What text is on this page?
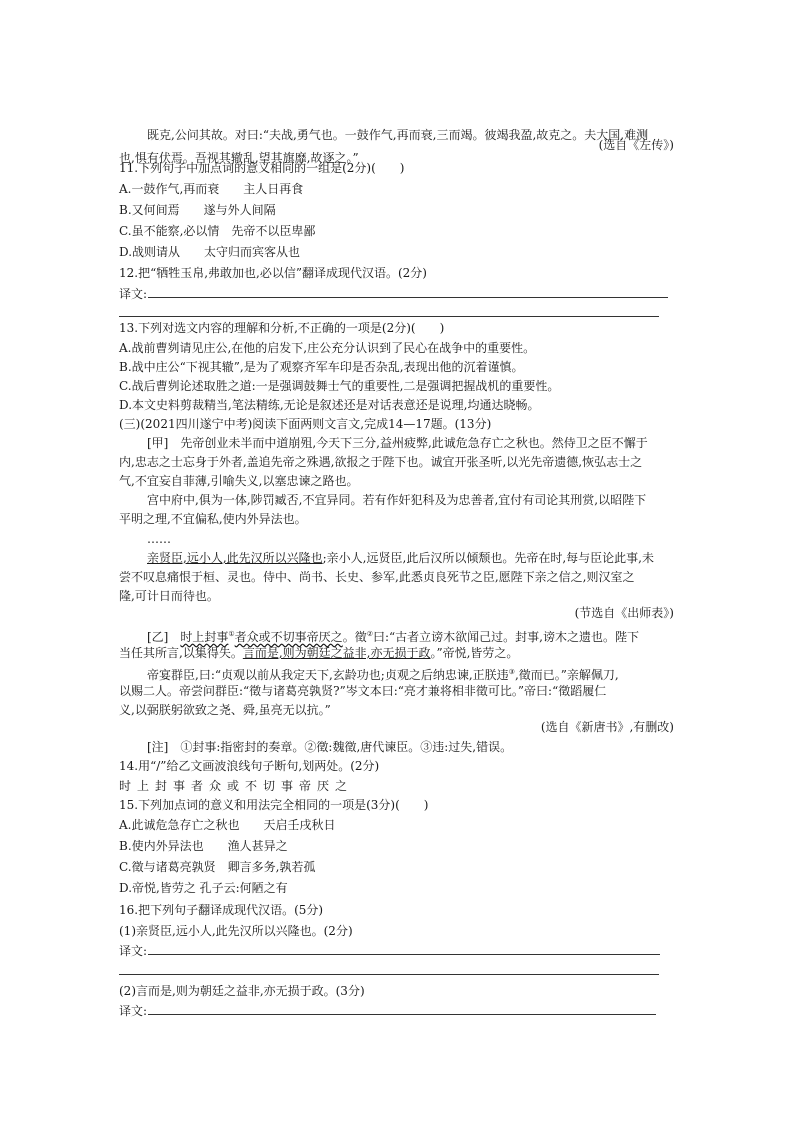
既克,公问其故。对曰:“夫战,勇气也。一鼓作气,再而衰,三而竭。彼竭我盈,故克之。夫大国,难测
也,惧有伏焉。吾视其辙乱,望其旗靡,故逐之。”
(选自《左传》)
11.下列句子中加点词的意义相同的一组是(2分)(　　)
A.一鼓作气,再而衰　　主人日再食
B.又何间焉　　遂与外人间隔
C.虽不能察,必以情　先帝不以臣卑鄙
D.战则请从　　太守归而宾客从也
12.把“牺牲玉帛,弗敢加也,必以信”翻译成现代汉语。(2分)
译文:
13.下列对选文内容的理解和分析,不正确的一项是(2分)(　　)
A.战前曹刿请见庄公,在他的启发下,庄公充分认识到了民心在战争中的重要性。
B.战中庄公“下视其辙”,是为了观察齐军车印是否杂乱,表现出他的沉着谨慎。
C.战后曹刿论述取胜之道:一是强调鼓舞士气的重要性,二是强调把握战机的重要性。
D.本文史料剪裁精当,笔法精练,无论是叙述还是对话表意还是说理,均通达晓畅。
(三)(2021四川遂宁中考)阅读下面两则文言文,完成14—17题。(13分)
[甲]　先帝创业未半而中道崩殂,今天下三分,益州疲弊,此诚危急存亡之秋也。然侍卫之臣不懈于
内,忠志之士忘身于外者,盖追先帝之殊遇,欲报之于陛下也。诚宜开张圣听,以光先帝遗德,恢弘志士之
气,不宜妄自菲薄,引喻失义,以塞忠谏之路也。
宫中府中,俱为一体,陟罚臧否,不宜异同。若有作奸犯科及为忠善者,宜付有司论其刑赏,以昭陛下
平明之理,不宜偏私,使内外异法也。
……
亲贤臣,远小人,此先汉所以兴隆也;亲小人,远贤臣,此后汉所以倾颓也。先帝在时,每与臣论此事,未
尝不叹息痛恨于桓、灵也。侍中、尚书、长史、参军,此悉贞良死节之臣,愿陛下亲之信之,则汉室之
隆,可计日而待也。
(节选自《出师表》)
[乙]　时上封事①者众或不切事帝厌之。徵②曰:“古者立谤木欲闻己过。封事,谤木之遗也。陛下
当任其所言,以集得失。言而是,则为朝廷之益非,亦无损于政。”帝悦,皆劳之。
帝宴群臣,曰:“贞观以前从我定天下,玄龄功也;贞观之后纳忠谏,正朕违③,徵而已。”亲解佩刀,
以赐二人。帝尝问群臣:“徵与诸葛亮孰贤?”岑文本曰:“亮才兼将相非徵可比。”帝曰:“徵蹈履仁
义,以弼朕躬欲致之尧、舜,虽亮无以抗。”
(选自《新唐书》,有删改)
[注]　①封事:指密封的奏章。②徵:魏徵,唐代谏臣。③违:过失,错误。
14.用“/”给乙文画波浪线句子断句,划两处。(2分)
时上封事者众或不切事帝厌之
15.下列加点词的意义和用法完全相同的一项是(3分)(　　)
A.此诚危急存亡之秋也　　天启壬戌秋日
B.使内外异法也　　渔人甚异之
C.徵与诸葛亮孰贤　卿言多务,孰若孤
D.帝悦,皆劳之 孔子云:何陋之有
16.把下列句子翻译成现代汉语。(5分)
(1)亲贤臣,远小人,此先汉所以兴隆也。(2分)
译文:
(2)言而是,则为朝廷之益非,亦无损于政。(3分)
译文:
